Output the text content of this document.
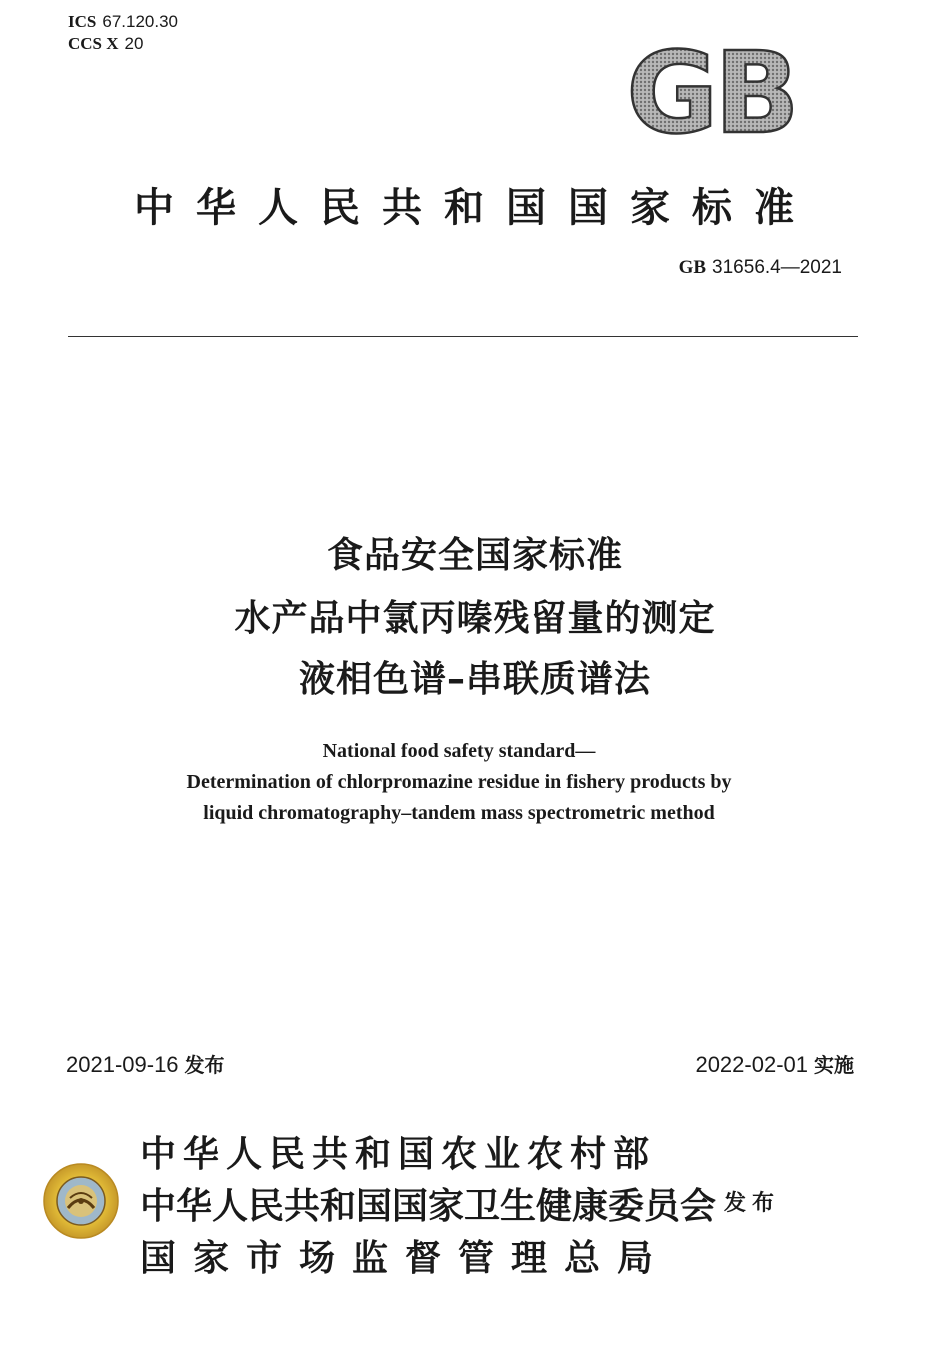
ICS 67.120.30
CCS X 20	GB
中华人民共和国国家标准
GB 31656.4—2021
食品安全国家标准
水产品中氯丙嗪残留量的测定
液相色谱–串联质谱法
National food safety standard—
Determination of chlorpromazine residue in fishery products by
liquid chromatography–tandem mass spectrometric method
2021-09-16 发布	2022-02-01 实施
中华人民共和国农业农村部
中华人民共和国国家卫生健康委员会
国家市场监督管理总局
发布
